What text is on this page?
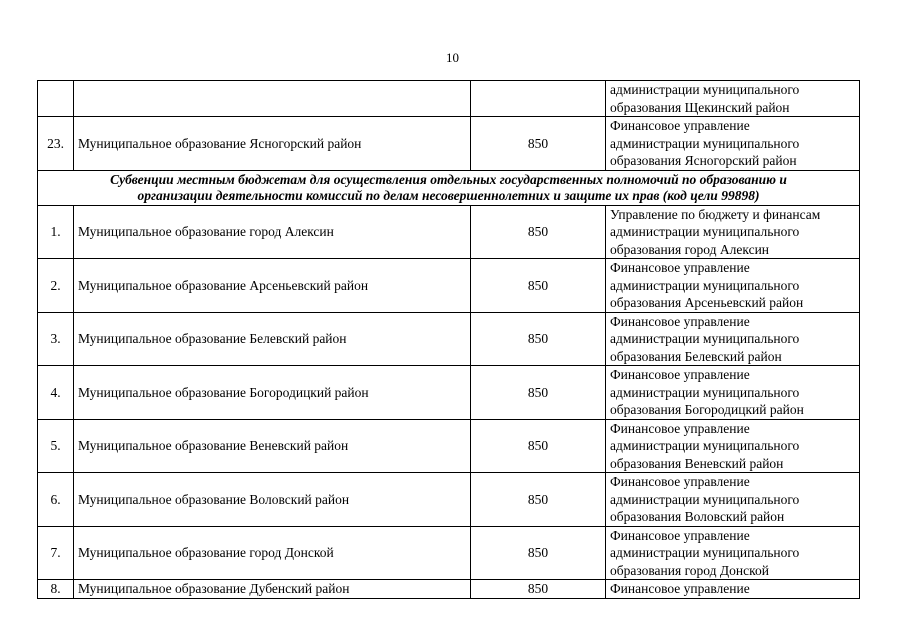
10

			администрации муниципального
образования Щекинский район

23.	Муниципальное образование Ясногорский район	850	Финансовое управление
администрации муниципального
образования Ясногорский район

Субвенции местным бюджетам для осуществления отдельных государственных полномочий по образованию и
организации деятельности комиссий по делам несовершеннолетних и защите их прав (код цели 99898)			

1.	Муниципальное образование город Алексин	850	Управление по бюджету и финансам
администрации муниципального
образования город Алексин

2.	Муниципальное образование Арсеньевский район	850	Финансовое управление
администрации муниципального
образования Арсеньевский район

3.	Муниципальное образование Белевский район	850	Финансовое управление
администрации муниципального
образования Белевский район

4.	Муниципальное образование Богородицкий район	850	Финансовое управление
администрации муниципального
образования Богородицкий район

5.	Муниципальное образование Веневский район	850	Финансовое управление
администрации муниципального
образования Веневский район

6.	Муниципальное образование Воловский район	850	Финансовое управление
администрации муниципального
образования Воловский район

7.	Муниципальное образование город Донской	850	Финансовое управление
администрации муниципального
образования город Донской

8.	Муниципальное образование Дубенский район	850	Финансовое управление
